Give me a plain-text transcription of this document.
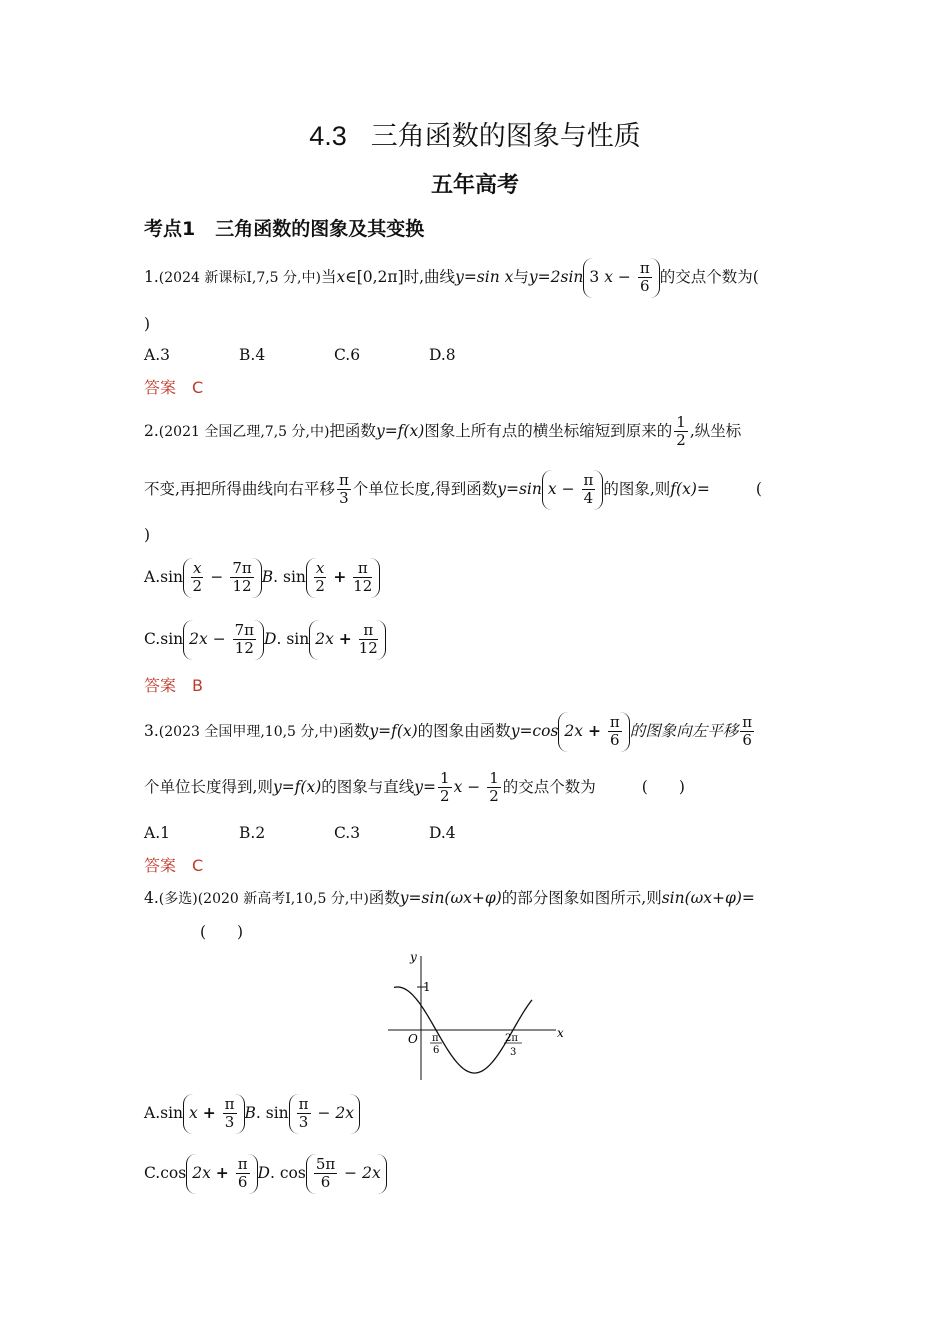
4.3 三角函数的图象与性质
五年高考
考点1 三角函数的图象及其变换
1.(2024 新课标Ⅰ,7,5 分,中)当x∈[0,2π]时,曲线y=sin x与y=2sin 3 $x - \frac{\pi}{6}$ 的交点个数为(
)
A.3	B.4	C.6	D.8
答案 C
2.(2021 全国乙理,7,5 分,中)把函数y=f(x)图象上所有点的横坐标缩短到原来的 $\frac{1}{2}$ ,纵坐标
不变,再把所得曲线向右平移 $\frac{\pi}{3}$ 个单位长度,得到函数y=sin $x - \frac{\pi}{4}$ 的图象,则f(x)=	(
)
$A.\sin \frac{x}{2} - \frac{7\pi}{12} B$. $\sin \frac{x}{2} + \frac{\pi}{12}$
C.sin $2x - \frac{7\pi}{12} D$. $\sin 2x + \frac{\pi}{12}$
答案 B
3.(2023 全国甲理,10,5 分,中)函数y=f(x)的图象由函数y=cos $2x + \frac{\pi}{6}$ 的图象向左平移 $\frac{\pi}{6}$
个单位长度得到,则y=f(x)的图象与直线$y= \frac{1}{2}$ $x - \frac{1}{2}$ 的交点个数为	(　　)
A.1	B.2	C.3	D.4
答案 C
4.(多选)(2020 新高考Ⅰ,10,5 分,中)函数y=sin(ωx+φ)的部分图象如图所示,则sin(ωx+φ)=
(　　)
x
y
O
1
π
6
2π
3
A.sin $x + \frac{\pi}{3} B$. $\sin \frac{\pi}{3} - 2x$
C.cos $2x + \frac{\pi}{6} D$. $\cos \frac{5\pi}{6} - 2x$
